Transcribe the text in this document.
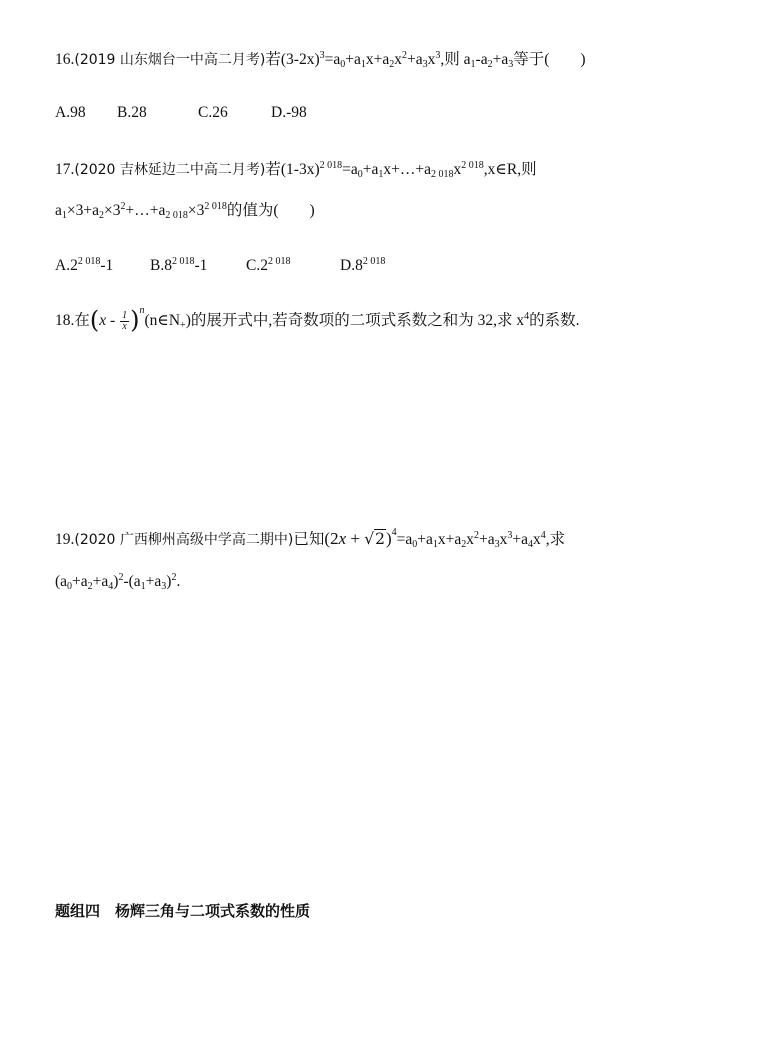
16.(2019 山东烟台一中高二月考)若$(3-2x)^3=a_0+a_1x+a_2x^2+a_3x^3$,则 $a_1-a_2+a_3$等于(　　)
A.98 B.28	C.26	D.-98
17.(2020 吉林延边二中高二月考)若$(1-3x)^{2 018}=a_0+a_1x+\dots+a_{2 018}x^{2 018},x\in R$,则
$a_1\times 3+a_2\times 3^2+\dots+a_{2 018}\times 3^{2 018}$的值为(　　)
$A.2^{2 018}-1$ $B.8^{2 018}-1$ $C.2^{2 018}$	$D.8^{2 018}$
18.在($x - \frac{1}{x}$ )$^n(n\in N_+)$的展开式中,若奇数项的二项式系数之和为 32,求 $x^4$的系数.
19.(2020 广西柳州高级中学高二期中)已知$(2x + √2)^4=a_0+a_1x+a_2x^2+a_3x^3+a_4x^4$,求
$(a_0+a_2+a_4)^2-(a_1+a_3)^2$.
题组四　杨辉三角与二项式系数的性质
